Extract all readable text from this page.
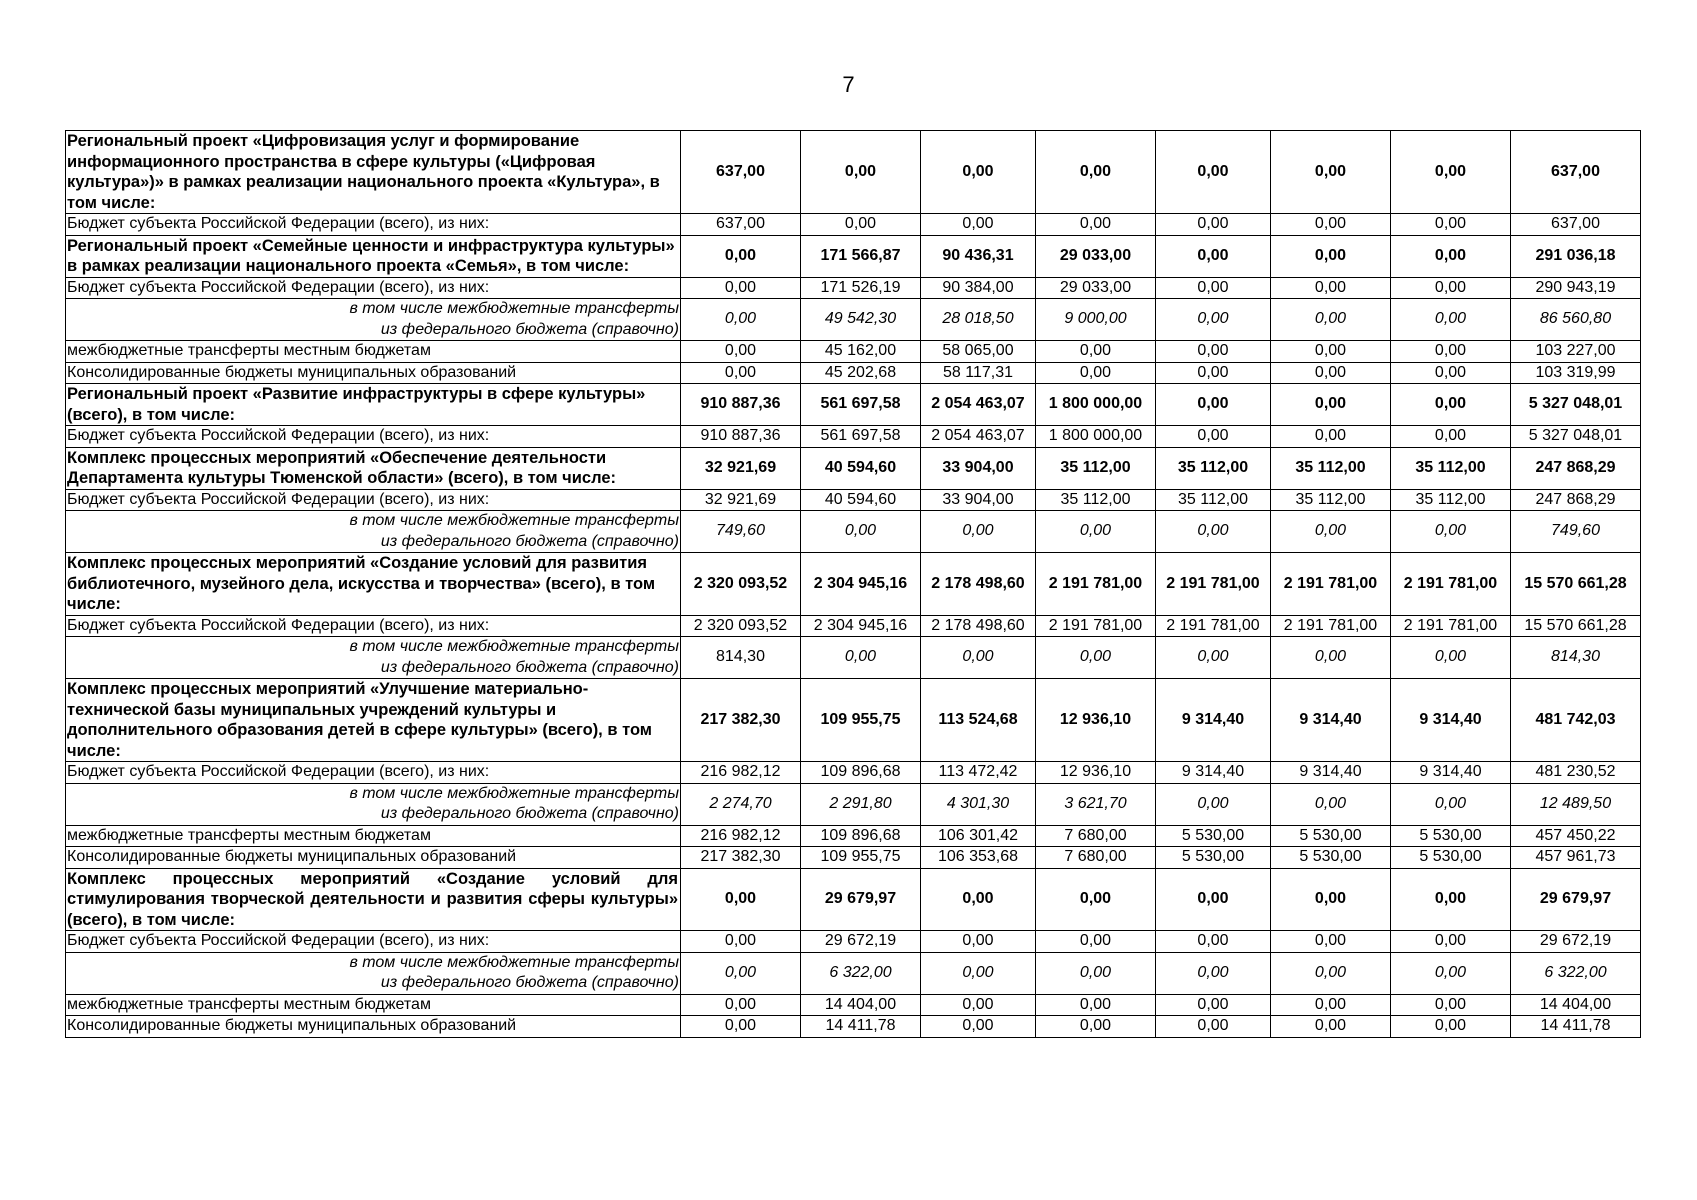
7
Региональный проект «Цифровизация услуг и формирование информационного пространства в сфере культуры («Цифровая культура»)» в рамках реализации национального проекта «Культура», в том числе:	637,00	0,00	0,00	0,00	0,00	0,00	0,00	637,00
Бюджет субъекта Российской Федерации (всего), из них:	637,00	0,00	0,00	0,00	0,00	0,00	0,00	637,00
Региональный проект «Семейные ценности и инфраструктура культуры» в рамках реализации национального проекта «Семья», в том числе:	0,00	171 566,87	90 436,31	29 033,00	0,00	0,00	0,00	291 036,18
Бюджет субъекта Российской Федерации (всего), из них:	0,00	171 526,19	90 384,00	29 033,00	0,00	0,00	0,00	290 943,19

в том числе межбюджетные трансферты
из федерального бюджета (справочно)	0,00	49 542,30	28 018,50	9 000,00	0,00	0,00	0,00	86 560,80
межбюджетные трансферты местным бюджетам	0,00	45 162,00	58 065,00	0,00	0,00	0,00	0,00	103 227,00
Консолидированные бюджеты муниципальных образований	0,00	45 202,68	58 117,31	0,00	0,00	0,00	0,00	103 319,99
Региональный проект «Развитие инфраструктуры в сфере культуры» (всего), в том числе:	910 887,36	561 697,58	2 054 463,07	1 800 000,00	0,00	0,00	0,00	5 327 048,01
Бюджет субъекта Российской Федерации (всего), из них:	910 887,36	561 697,58	2 054 463,07	1 800 000,00	0,00	0,00	0,00	5 327 048,01
Комплекс процессных мероприятий «Обеспечение деятельности Департамента культуры Тюменской области» (всего), в том числе:	32 921,69	40 594,60	33 904,00	35 112,00	35 112,00	35 112,00	35 112,00	247 868,29
Бюджет субъекта Российской Федерации (всего), из них:	32 921,69	40 594,60	33 904,00	35 112,00	35 112,00	35 112,00	35 112,00	247 868,29

в том числе межбюджетные трансферты
из федерального бюджета (справочно)	749,60	0,00	0,00	0,00	0,00	0,00	0,00	749,60
Комплекс процессных мероприятий «Создание условий для развития библиотечного, музейного дела, искусства и творчества» (всего), в том числе:	2 320 093,52	2 304 945,16	2 178 498,60	2 191 781,00	2 191 781,00	2 191 781,00	2 191 781,00	15 570 661,28
Бюджет субъекта Российской Федерации (всего), из них:	2 320 093,52	2 304 945,16	2 178 498,60	2 191 781,00	2 191 781,00	2 191 781,00	2 191 781,00	15 570 661,28

в том числе межбюджетные трансферты
из федерального бюджета (справочно)	814,30	0,00	0,00	0,00	0,00	0,00	0,00	814,30
Комплекс процессных мероприятий «Улучшение материально-технической базы муниципальных учреждений культуры и дополнительного образования детей в сфере культуры» (всего), в том числе:	217 382,30	109 955,75	113 524,68	12 936,10	9 314,40	9 314,40	9 314,40	481 742,03
Бюджет субъекта Российской Федерации (всего), из них:	216 982,12	109 896,68	113 472,42	12 936,10	9 314,40	9 314,40	9 314,40	481 230,52

в том числе межбюджетные трансферты
из федерального бюджета (справочно)	2 274,70	2 291,80	4 301,30	3 621,70	0,00	0,00	0,00	12 489,50
межбюджетные трансферты местным бюджетам	216 982,12	109 896,68	106 301,42	7 680,00	5 530,00	5 530,00	5 530,00	457 450,22
Консолидированные бюджеты муниципальных образований	217 382,30	109 955,75	106 353,68	7 680,00	5 530,00	5 530,00	5 530,00	457 961,73
Комплекс процессных мероприятий «Создание условий для стимулирования творческой деятельности и развития сферы культуры» (всего), в том числе:	0,00	29 679,97	0,00	0,00	0,00	0,00	0,00	29 679,97
Бюджет субъекта Российской Федерации (всего), из них:	0,00	29 672,19	0,00	0,00	0,00	0,00	0,00	29 672,19

в том числе межбюджетные трансферты
из федерального бюджета (справочно)	0,00	6 322,00	0,00	0,00	0,00	0,00	0,00	6 322,00
межбюджетные трансферты местным бюджетам	0,00	14 404,00	0,00	0,00	0,00	0,00	0,00	14 404,00
Консолидированные бюджеты муниципальных образований	0,00	14 411,78	0,00	0,00	0,00	0,00	0,00	14 411,78
